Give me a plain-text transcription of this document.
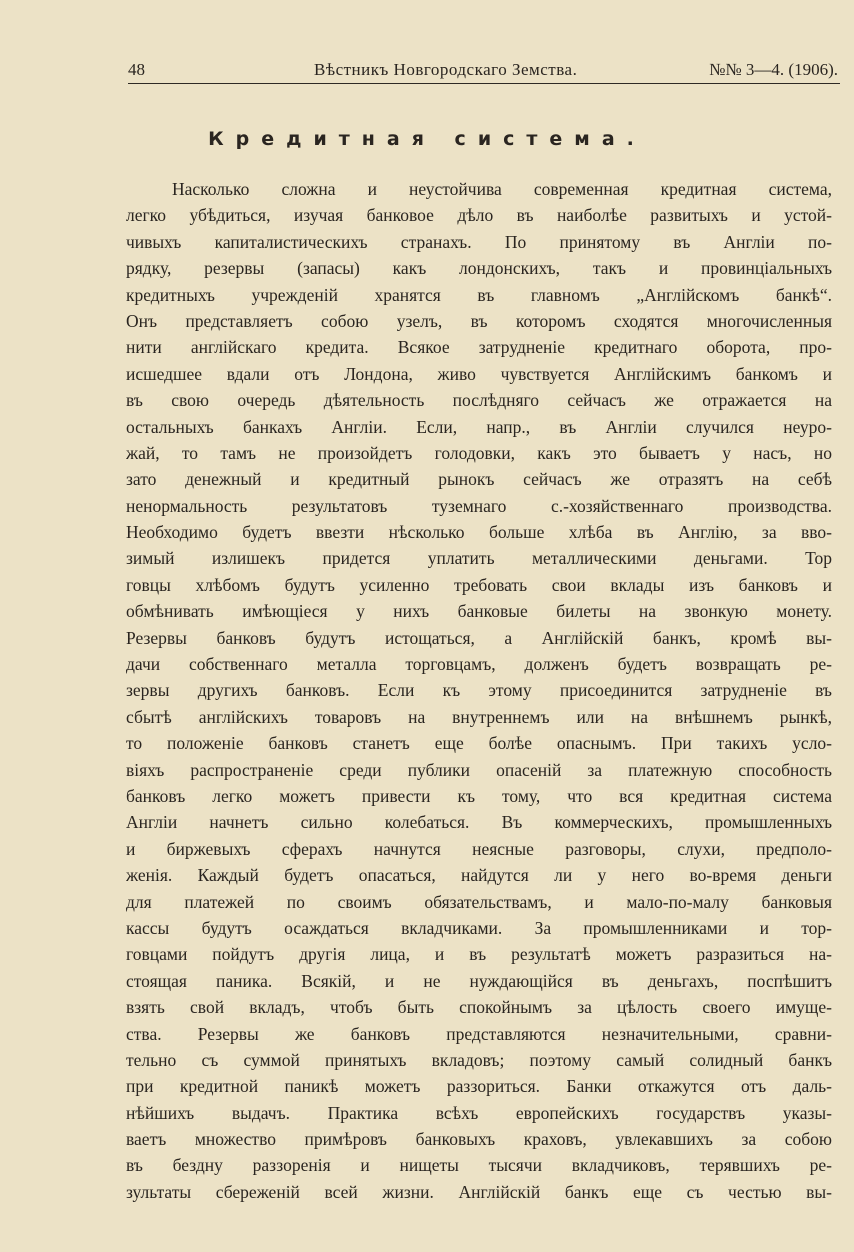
48	Вѣстникъ Новгородскаго Земства.	№№ 3—4. (1906).
Кредитная система.
Насколько сложна и неустойчива современная кредитная система,
легко убѣдиться, изучая банковое дѣло въ наиболѣе развитыхъ и устой-
чивыхъ капиталистическихъ странахъ. По принятому въ Англіи по-
рядку, резервы (запасы) какъ лондонскихъ, такъ и провинціальныхъ
кредитныхъ учрежденій хранятся въ главномъ „Англійскомъ банкѣ“.
Онъ представляетъ собою узелъ, въ которомъ сходятся многочисленныя
нити англійскаго кредита. Всякое затрудненіе кредитнаго оборота, про-
исшедшее вдали отъ Лондона, живо чувствуется Англійскимъ банкомъ и
въ свою очередь дѣятельность послѣдняго сейчасъ же отражается на
остальныхъ банкахъ Англіи. Если, напр., въ Англіи случился неуро-
жай, то тамъ не произойдетъ голодовки, какъ это бываетъ у насъ, но
зато денежный и кредитный рынокъ сейчасъ же отразятъ на себѣ
ненормальность результатовъ туземнаго с.-хозяйственнаго производства.
Необходимо будетъ ввезти нѣсколько больше хлѣба въ Англію, за вво-
зимый излишекъ придется уплатить металлическими деньгами. Тор
говцы хлѣбомъ будутъ усиленно требовать свои вклады изъ банковъ и
обмѣнивать имѣющіеся у нихъ банковые билеты на звонкую монету.
Резервы банковъ будутъ истощаться, а Англійскій банкъ, кромѣ вы-
дачи собственнаго металла торговцамъ, долженъ будетъ возвращать ре-
зервы другихъ банковъ. Если къ этому присоединится затрудненіе въ
сбытѣ англійскихъ товаровъ на внутреннемъ или на внѣшнемъ рынкѣ,
то положеніе банковъ станетъ еще болѣе опаснымъ. При такихъ усло-
віяхъ распространеніе среди публики опасеній за платежную способность
банковъ легко можетъ привести къ тому, что вся кредитная система
Англіи начнетъ сильно колебаться. Въ коммерческихъ, промышленныхъ
и биржевыхъ сферахъ начнутся неясные разговоры, слухи, предполо-
женія. Каждый будетъ опасаться, найдутся ли у него во-время деньги
для платежей по своимъ обязательствамъ, и мало-по-малу банковыя
кассы будутъ осаждаться вкладчиками. За промышленниками и тор-
говцами пойдутъ другія лица, и въ результатѣ можетъ разразиться на-
стоящая паника. Всякій, и не нуждающійся въ деньгахъ, поспѣшитъ
взять свой вкладъ, чтобъ быть спокойнымъ за цѣлость своего имуще-
ства. Резервы же банковъ представляются незначительными, сравни-
тельно съ суммой принятыхъ вкладовъ; поэтому самый солидный банкъ
при кредитной паникѣ можетъ раззориться. Банки откажутся отъ даль-
нѣйшихъ выдачъ. Практика всѣхъ европейскихъ государствъ указы-
ваетъ множество примѣровъ банковыхъ краховъ, увлекавшихъ за собою
въ бездну раззоренія и нищеты тысячи вкладчиковъ, терявшихъ ре-
зультаты сбереженій всей жизни. Англійскій банкъ еще съ честью вы-
